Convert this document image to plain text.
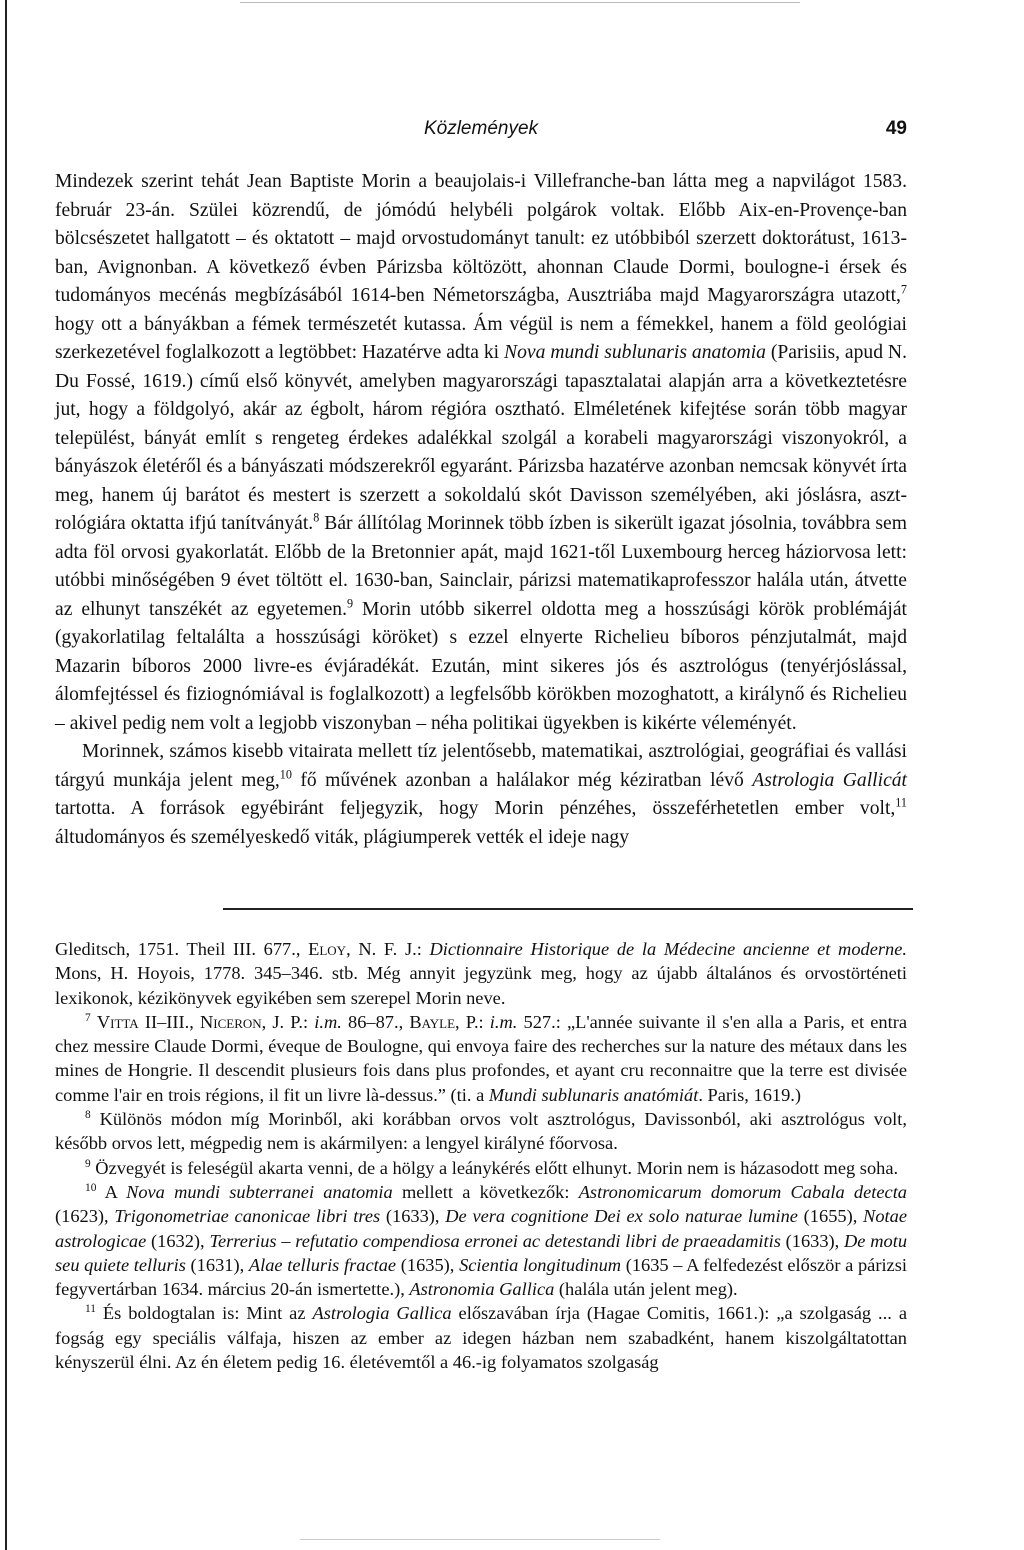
Közlemények	49

Mindezek szerint tehát Jean Baptiste Morin a beaujolais-i Villefranche-ban látta meg a napvilágot 1583. február 23-án. Szülei közrendű, de jómódú helybéli polgárok voltak. Előbb Aix-en-Provençe-ban bölcsészetet hallgatott – és oktatott – majd orvostudományt tanult: ez utóbbiból szerzett doktorátust, 1613-ban, Avignonban. A következő évben Párizsba költözött, ahonnan Claude Dormi, boulogne-i érsek és tudományos mecénás megbízásából 1614-ben Németországba, Ausztriába majd Magyarországra utazott,$^7$ hogy ott a bányákban a fémek természetét kutassa. Ám végül is nem a fémekkel, hanem a föld geológiai szerkezetével foglalkozott a legtöbbet: Hazatérve adta ki Nova mundi sublunaris anatomia (Parisiis, apud N. Du Fossé, 1619.) című első könyvét, amelyben magyarországi tapasztalatai alapján arra a következtetésre jut, hogy a földgolyó, akár az égbolt, három régióra osztható. Elméletének kifejtése során több magyar települést, bányát említ s rengeteg érdekes adalékkal szolgál a korabeli magyarországi viszonyokról, a bányászok életéről és a bányászati módszerekről egyaránt. Párizsba hazatérve azonban nemcsak könyvét írta meg, hanem új barátot és mestert is szerzett a sokoldalú skót Davisson személyében, aki jóslásra, asztrológiára oktatta ifjú tanítványát.$^8$ Bár állítólag Morinnek több ízben is sikerült igazat jósolnia, továbbra sem adta föl orvosi gyakorlatát. Előbb de la Bretonnier apát, majd 1621-től Luxembourg herceg háziorvosa lett: utóbbi minőségében 9 évet töltött el. 1630-ban, Sainclair, párizsi matematikaprofesszor halála után, átvette az elhunyt tanszékét az egyetemen.$^9$ Morin utóbb sikerrel oldotta meg a hosszúsági körök problémáját (gyakorlatilag feltalálta a hosszúsági köröket) s ezzel elnyerte Richelieu bíboros pénzjutalmát, majd Mazarin bíboros 2000 livre-es évjáradékát. Ezután, mint sikeres jós és asztrológus (tenyérjóslással, álomfejtéssel és fiziognómiával is foglalkozott) a legfelsőbb körökben mozoghatott, a királynő és Richelieu – akivel pedig nem volt a legjobb viszonyban – néha politikai ügyekben is kikérte véleményét.

Morinnek, számos kisebb vitairata mellett tíz jelentősebb, matematikai, asztrológiai, geográfiai és vallási tárgyú munkája jelent meg,$^{10}$ fő művének azonban a halálakor még kéziratban lévő Astrologia Gallicát tartotta. A források egyébiránt feljegyzik, hogy Morin pénzéhes, összeférhetetlen ember volt,$^{11}$ áltudományos és személyeskedő viták, plágiumperek vették el ideje nagy

Gleditsch, 1751. Theil III. 677., Eloy, N. F. J.: Dictionnaire Historique de la Médecine ancienne et moderne. Mons, H. Hoyois, 1778. 345–346. stb. Még annyit jegyzünk meg, hogy az újabb általános és orvostörténeti lexikonok, kézikönyvek egyikében sem szerepel Morin neve.

$^7$ Vitta II–III., Niceron, J. P.: i.m. 86–87., Bayle, P.: i.m. 527.: „L'année suivante il s'en alla a Paris, et entra chez messire Claude Dormi, éveque de Boulogne, qui envoya faire des recherches sur la nature des métaux dans les mines de Hongrie. Il descendit plusieurs fois dans plus profondes, et ayant cru reconnaitre que la terre est divisée comme l'air en trois régions, il fit un livre là-dessus.” (ti. a Mundi sublunaris anatómiát. Paris, 1619.)

$^8$ Különös módon míg Morinből, aki korábban orvos volt asztrológus, Davissonból, aki asztrológus volt, később orvos lett, mégpedig nem is akármilyen: a lengyel királyné főorvosa.

$^9$ Özvegyét is feleségül akarta venni, de a hölgy a leánykérés előtt elhunyt. Morin nem is házasodott meg soha.

$^{10}$ A Nova mundi subterranei anatomia mellett a következők: Astronomicarum domorum Cabala detecta (1623), Trigonometriae canonicae libri tres (1633), De vera cognitione Dei ex solo naturae lumine (1655), Notae astrologicae (1632), Terrerius – refutatio compendiosa erronei ac detestandi libri de praeadamitis (1633), De motu seu quiete telluris (1631), Alae telluris fractae (1635), Scientia longitudinum (1635 – A felfedezést először a párizsi fegyvertárban 1634. március 20-án ismertette.), Astronomia Gallica (halála után jelent meg).

$^{11}$ És boldogtalan is: Mint az Astrologia Gallica előszavában írja (Hagae Comitis, 1661.): „a szolgaság ... a fogság egy speciális válfaja, hiszen az ember az idegen házban nem szabadként, hanem kiszolgáltatottan kényszerül élni. Az én életem pedig 16. életévemtől a 46.-ig folyamatos szolgaság
